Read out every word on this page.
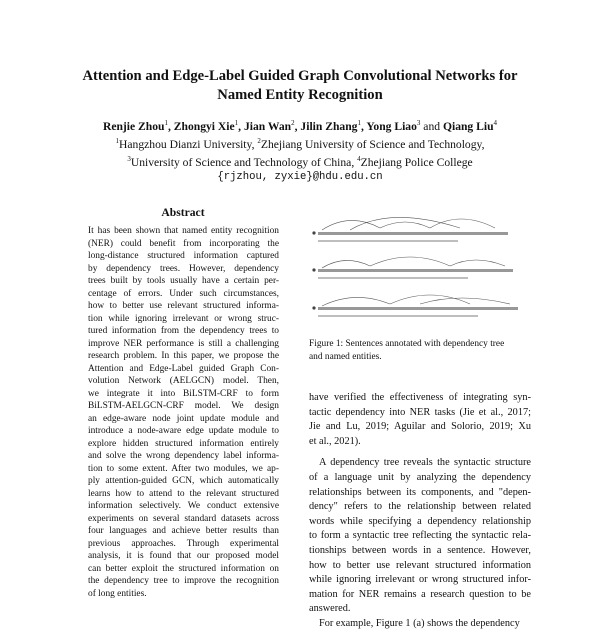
Attention and Edge-Label Guided Graph Convolutional Networks for
Named Entity Recognition
Renjie Zhou$^1$, Zhongyi Xie$^1$, Jian Wan$^2$, Jilin Zhang$^1$, Yong Liao$^3$ and Qiang Liu$^4$
$^1$Hangzhou Dianzi University, $^2$Zhejiang University of Science and Technology,
$^3$University of Science and Technology of China, $^4$Zhejiang Police College
{rjzhou, zyxie}@hdu.edu.cn
Abstract
It has been shown that named entity recognition
(NER) could benefit from incorporating the
long-distance structured information captured
by dependency trees. However, dependency
trees built by tools usually have a certain per-
centage of errors. Under such circumstances,
how to better use relevant structured informa-
tion while ignoring irrelevant or wrong struc-
tured information from the dependency trees to
improve NER performance is still a challenging
research problem. In this paper, we propose the
Attention and Edge-Label guided Graph Con-
volution Network (AELGCN) model. Then,
we integrate it into BiLSTM-CRF to form
BiLSTM-AELGCN-CRF model. We design
an edge-aware node joint update module and
introduce a node-aware edge update module to
explore hidden structured information entirely
and solve the wrong dependency label informa-
tion to some extent. After two modules, we ap-
ply attention-guided GCN, which automatically
learns how to attend to the relevant structured
information selectively. We conduct extensive
experiments on several standard datasets across
four languages and achieve better results than
previous approaches. Through experimental
analysis, it is found that our proposed model
can better exploit the structured information on
the dependency tree to improve the recognition
of long entities.
Figure 1: Sentences annotated with dependency tree
and named entities.
have verified the effectiveness of integrating syn-
tactic dependency into NER tasks (Jie et al., 2017;
Jie and Lu, 2019; Aguilar and Solorio, 2019; Xu
et al., 2021).
A dependency tree reveals the syntactic structure
of a language unit by analyzing the dependency
relationships between its components, and "depen-
dency" refers to the relationship between related
words while specifying a dependency relationship
to form a syntactic tree reflecting the syntactic rela-
tionships between words in a sentence. However,
how to better use relevant structured information
while ignoring irrelevant or wrong structured infor-
mation for NER remains a research question to be
answered.
For example, Figure 1 (a) shows the dependency
